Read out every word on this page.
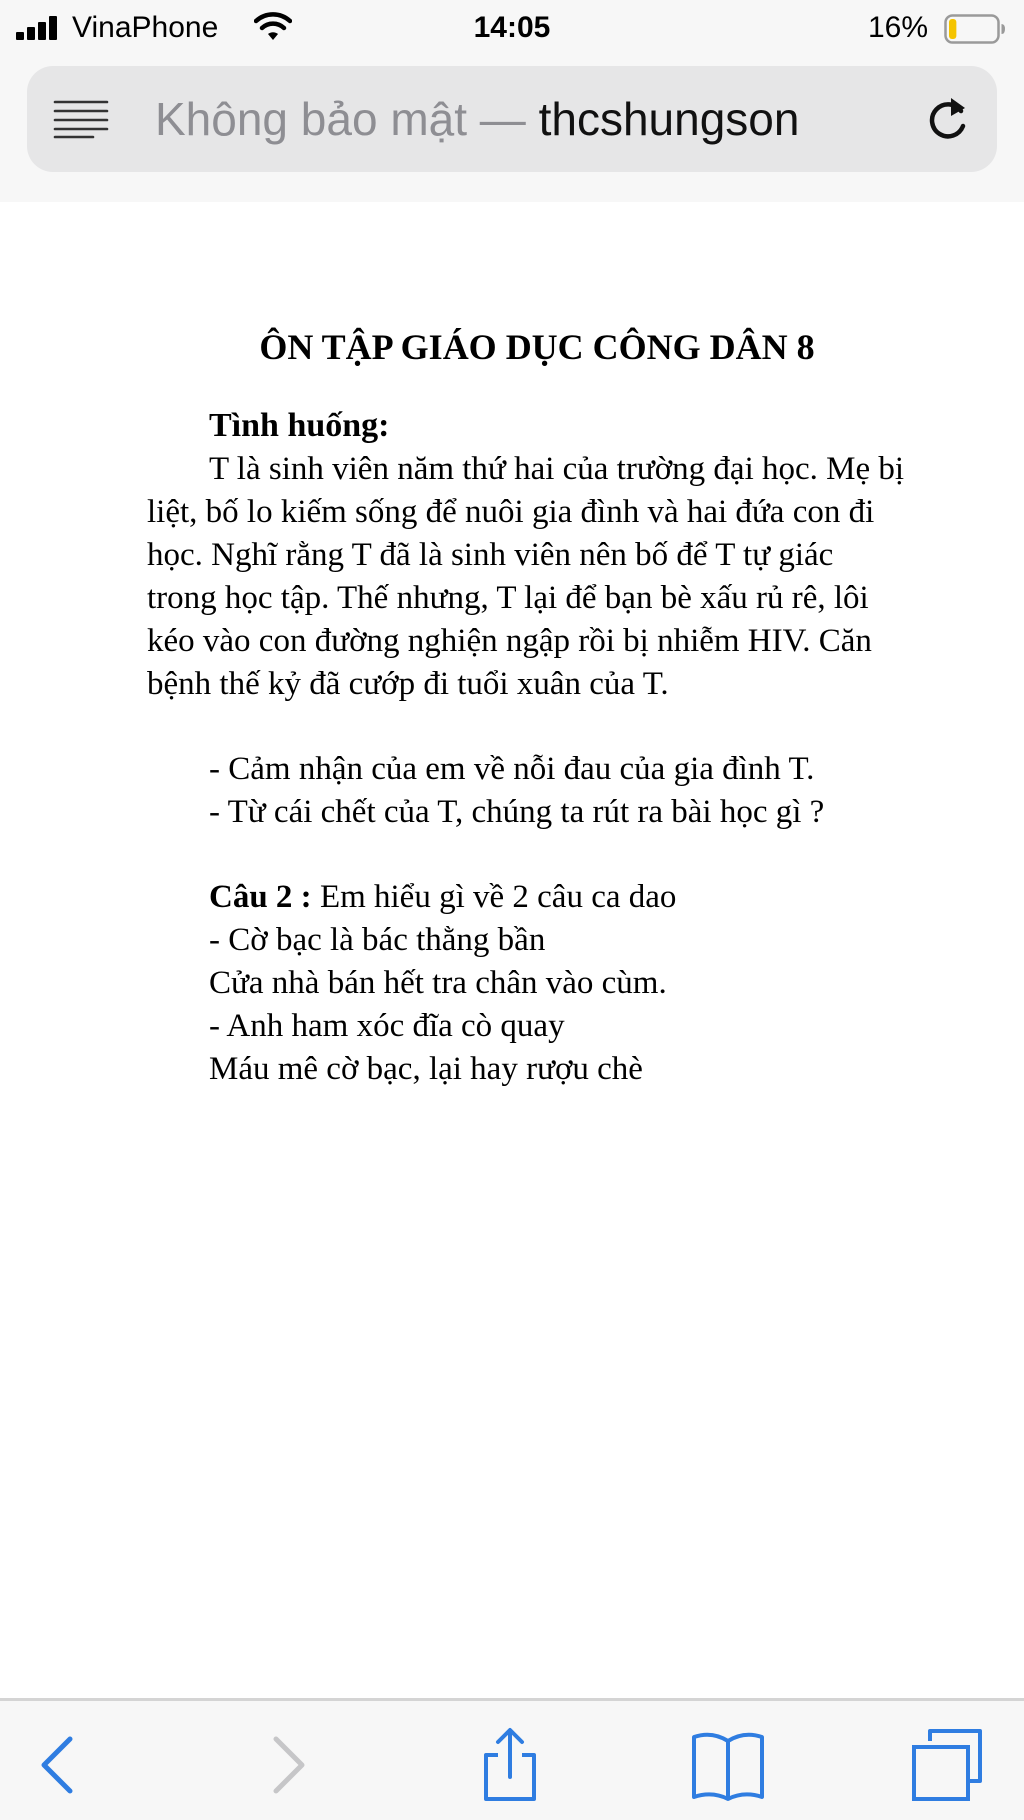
VinaPhone	14:05	16%
Không bảo mật — thcshungson
ÔN TẬP GIÁO DỤC CÔNG DÂN 8
Tình huống:
T là sinh viên năm thứ hai của trường đại học. Mẹ bị liệt, bố lo kiếm sống để nuôi gia đình và hai đứa con đi học. Nghĩ rằng T đã là sinh viên nên bố để T tự giác trong học tập. Thế nhưng, T lại để bạn bè xấu rủ rê, lôi kéo vào con đường nghiện ngập rồi bị nhiễm HIV. Căn bệnh thế kỷ đã cướp đi tuổi xuân của T.
- Cảm nhận của em về nỗi đau của gia đình T.
- Từ cái chết của T, chúng ta rút ra bài học gì ?
Câu 2 : Em hiểu gì về 2 câu ca dao
- Cờ bạc là bác thằng bần
Cửa nhà bán hết tra chân vào cùm.
- Anh ham xóc đĩa cò quay
Máu mê cờ bạc, lại hay rượu chè
